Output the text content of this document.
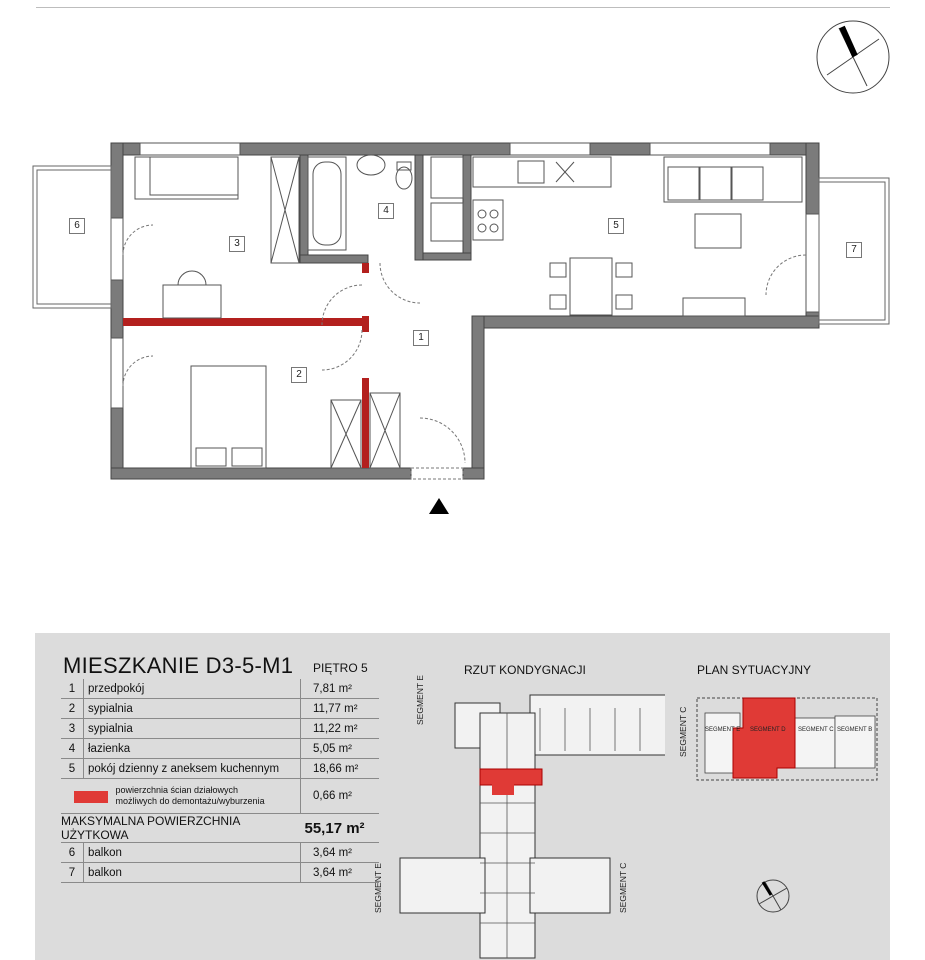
1
2
3
4
5
6
7
MIESZKANIE D3-5-M1 PIĘTRO 5
1	przedpokój	7,81 m²
2	sypialnia	11,77 m²
3	sypialnia	11,22 m²
4	łazienka	5,05 m²
5	pokój dzienny z aneksem kuchennym	18,66 m²

	powierzchnia ścian działowych
możliwych do demontażu/wyburzenia	0,66 m²
MAKSYMALNA POWIERZCHNIA UŻYTKOWA		55,17 m²
6	balkon	3,64 m²
7	balkon	3,64 m²
RZUT KONDYGNACJI	PLAN SYTUACYJNY
SEGMENT E
SEGMENT C
SEGMENT E	SEGMENT C
SEGMENT E SEGMENT D SEGMENT C SEGMENT B
